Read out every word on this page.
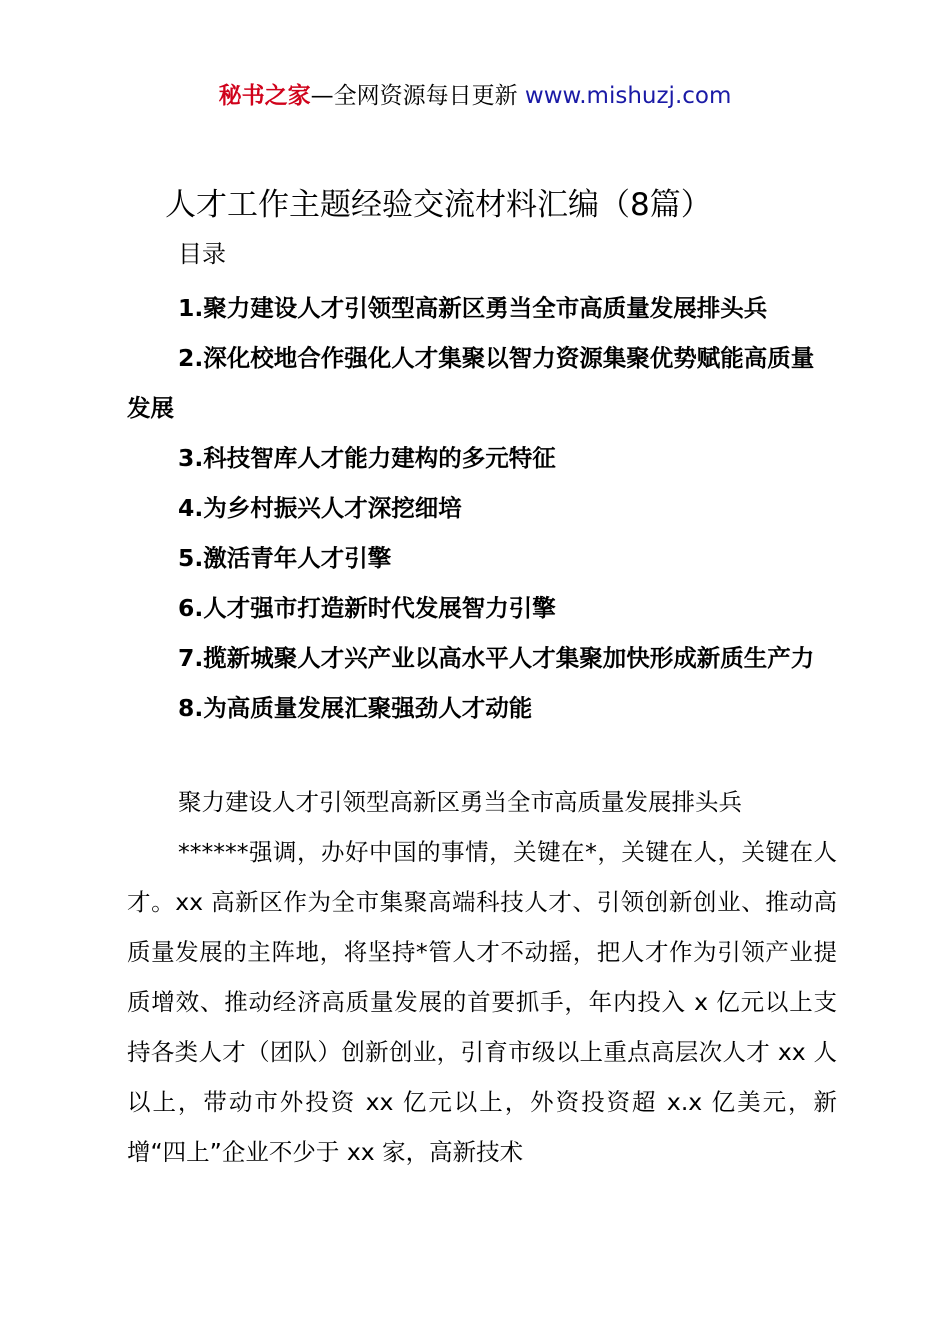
秘书之家—全网资源每日更新 www.mishuzj.com
人才工作主题经验交流材料汇编（8篇）
目录
1.聚力建设人才引领型高新区勇当全市高质量发展排头兵
2.深化校地合作强化人才集聚以智力资源集聚优势赋能高质量发展
3.科技智库人才能力建构的多元特征
4.为乡村振兴人才深挖细培
5.激活青年人才引擎
6.人才强市打造新时代发展智力引擎
7.揽新城聚人才兴产业以高水平人才集聚加快形成新质生产力
8.为高质量发展汇聚强劲人才动能

聚力建设人才引领型高新区勇当全市高质量发展排头兵

******强调，办好中国的事情，关键在*，关键在人，关键在人才。xx 高新区作为全市集聚高端科技人才、引领创新创业、推动高质量发展的主阵地，将坚持*管人才不动摇，把人才作为引领产业提质增效、推动经济高质量发展的首要抓手，年内投入 x 亿元以上支持各类人才（团队）创新创业，引育市级以上重点高层次人才 xx 人以上，带动市外投资 xx 亿元以上，外资投资超 x.x 亿美元，新增“四上”企业不少于 xx 家，高新技术
